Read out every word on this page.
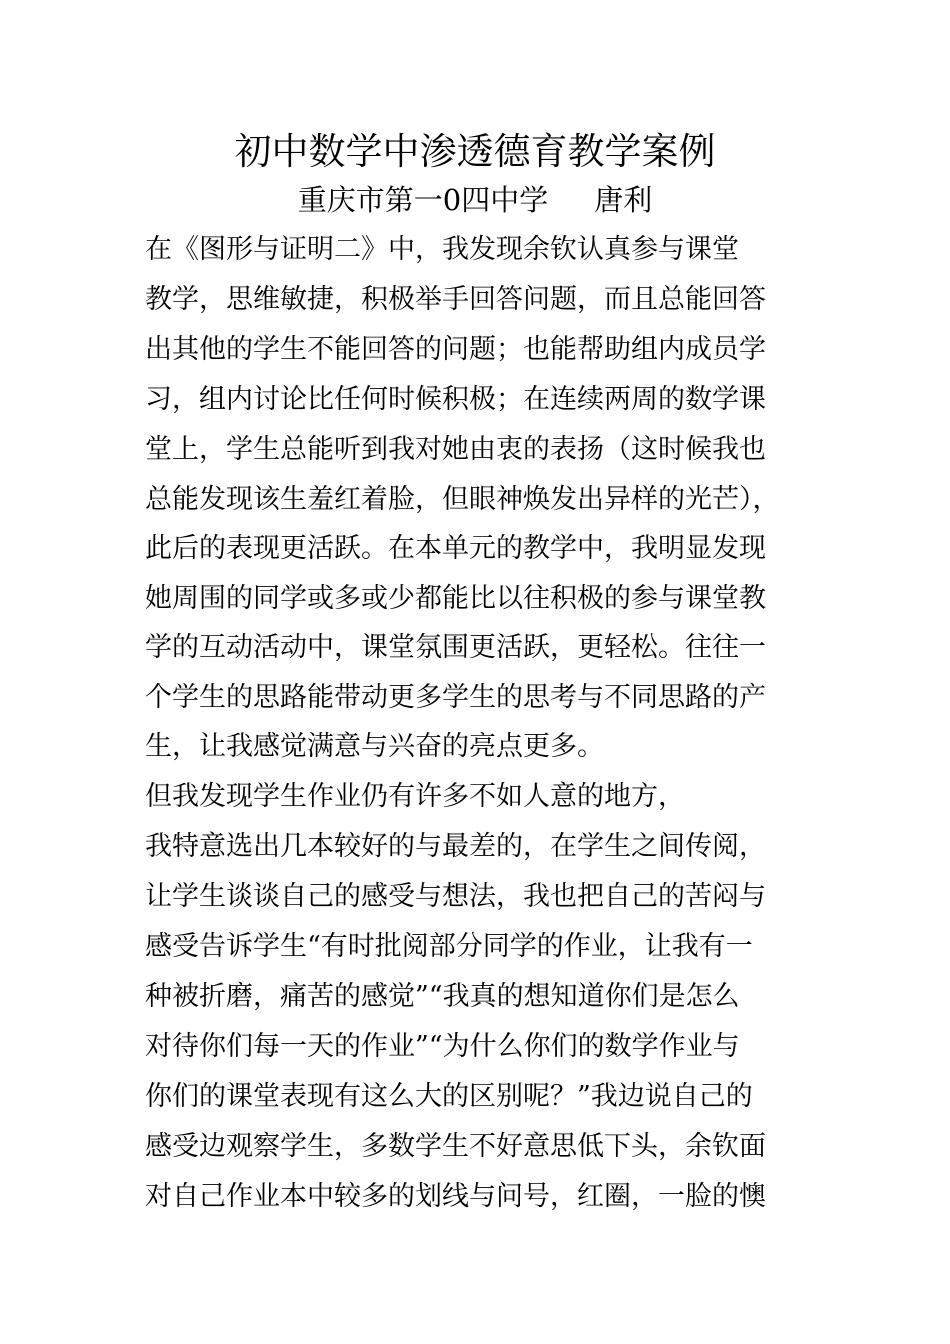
初中数学中渗透德育教学案例
重庆市第一0四中学 唐利
在《图形与证明二》中，我发现余钦认真参与课堂
教学，思维敏捷，积极举手回答问题，而且总能回答
出其他的学生不能回答的问题；也能帮助组内成员学
习，组内讨论比任何时候积极；在连续两周的数学课
堂上，学生总能听到我对她由衷的表扬（这时候我也
总能发现该生羞红着脸，但眼神焕发出异样的光芒），
此后的表现更活跃。在本单元的教学中，我明显发现
她周围的同学或多或少都能比以往积极的参与课堂教
学的互动活动中，课堂氛围更活跃，更轻松。往往一
个学生的思路能带动更多学生的思考与不同思路的产
生，让我感觉满意与兴奋的亮点更多。
但我发现学生作业仍有许多不如人意的地方，
我特意选出几本较好的与最差的，在学生之间传阅，
让学生谈谈自己的感受与想法，我也把自己的苦闷与
感受告诉学生“有时批阅部分同学的作业，让我有一
种被折磨，痛苦的感觉”“我真的想知道你们是怎么
对待你们每一天的作业”“为什么你们的数学作业与
你们的课堂表现有这么大的区别呢？”我边说自己的
感受边观察学生，多数学生不好意思低下头，余钦面
对自己作业本中较多的划线与问号，红圈，一脸的懊
